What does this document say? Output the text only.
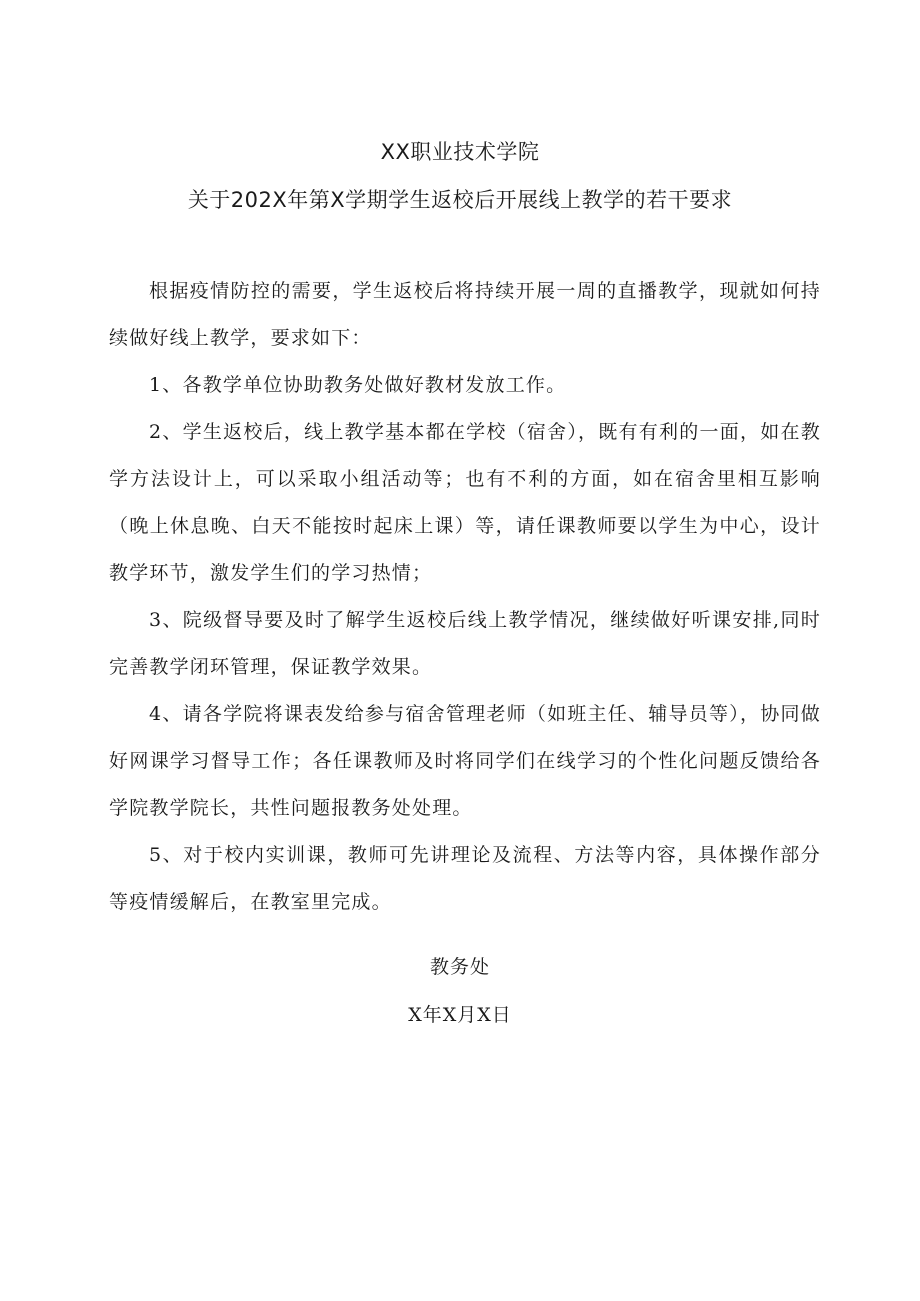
XX职业技术学院
关于202X年第X学期学生返校后开展线上教学的若干要求

根据疫情防控的需要，学生返校后将持续开展一周的直播教学，现就如何持续做好线上教学，要求如下：

1、各教学单位协助教务处做好教材发放工作。

2、学生返校后，线上教学基本都在学校（宿舍），既有有利的一面，如在教学方法设计上，可以采取小组活动等；也有不利的方面，如在宿舍里相互影响（晚上休息晚、白天不能按时起床上课）等，请任课教师要以学生为中心，设计教学环节，激发学生们的学习热情；

3、院级督导要及时了解学生返校后线上教学情况，继续做好听课安排,同时完善教学闭环管理，保证教学效果。

4、请各学院将课表发给参与宿舍管理老师（如班主任、辅导员等），协同做好网课学习督导工作；各任课教师及时将同学们在线学习的个性化问题反馈给各学院教学院长，共性问题报教务处处理。

5、对于校内实训课，教师可先讲理论及流程、方法等内容，具体操作部分等疫情缓解后，在教室里完成。

教务处
X年X月X日
